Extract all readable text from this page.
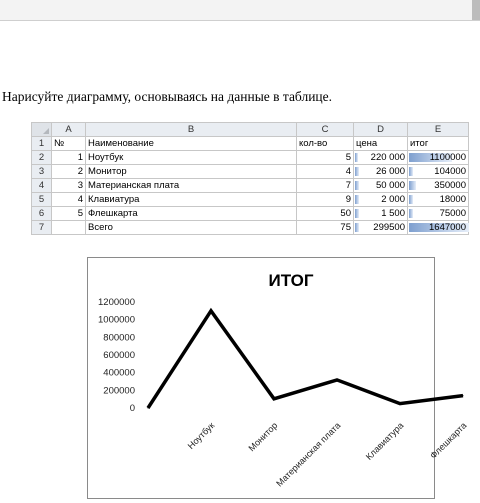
Нарисуйте диаграмму, основываясь на данные в таблице.
	A	B	C	D	E
1	№	Наименование	кол-во	цена	итог
2	1	Ноутбук	5	220 000	1100000
3	2	Монитор	4	26 000	104000
4	3	Материанская плата	7	50 000	350000
5	4	Клавиатура	9	2 000	18000
6	5	Флешкарта	50	1 500	75000
7		Всего	75	299500	1647000
ИТОГ
1200000
1000000
800000
600000
400000
200000
0
Ноутбук	Монитор
Материанская плата Клавиатура	Флешкарта
